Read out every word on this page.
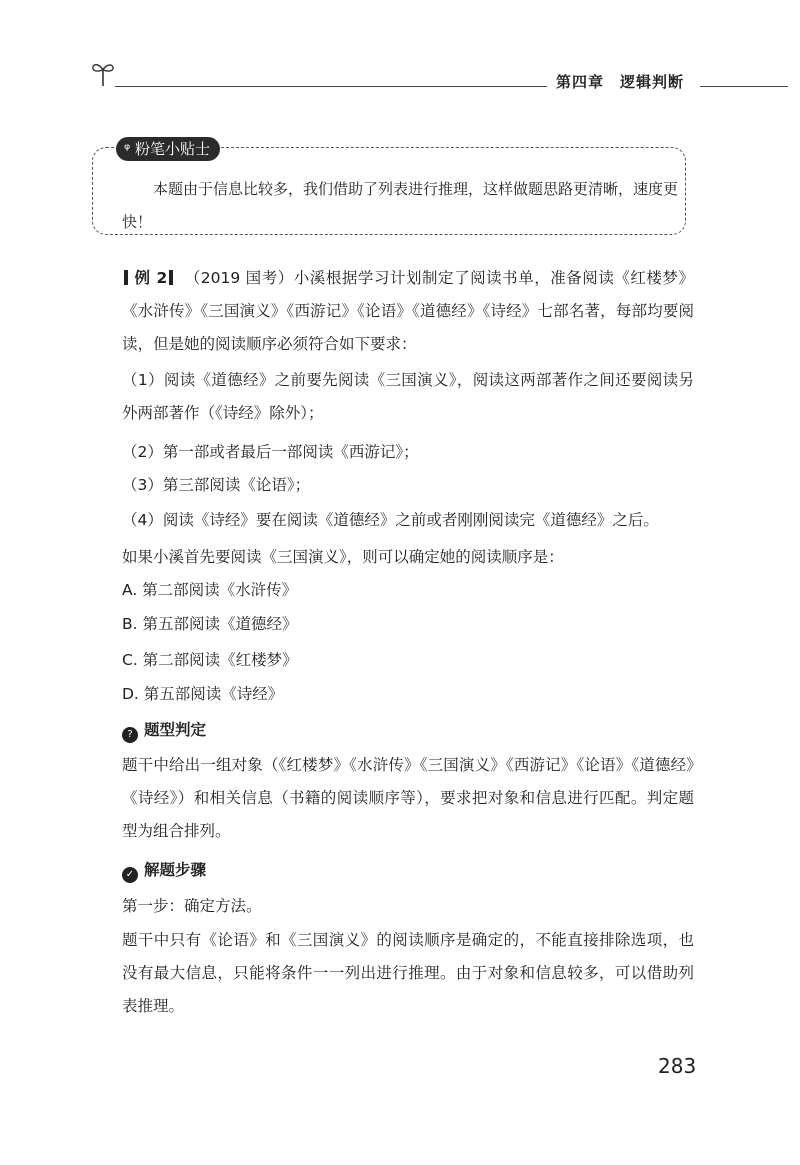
第四章　逻辑判断
ᵠ 粉笔小贴士
本题由于信息比较多，我们借助了列表进行推理，这样做题思路更清晰，速度更快！
例 2 （2019 国考）小溪根据学习计划制定了阅读书单，准备阅读《红楼梦》《水浒传》《三国演义》《西游记》《论语》《道德经》《诗经》七部名著，每部均要阅读，但是她的阅读顺序必须符合如下要求：
（1）阅读《道德经》之前要先阅读《三国演义》，阅读这两部著作之间还要阅读另外两部著作（《诗经》除外）；
（2）第一部或者最后一部阅读《西游记》；
（3）第三部阅读《论语》；
（4）阅读《诗经》要在阅读《道德经》之前或者刚刚阅读完《道德经》之后。
如果小溪首先要阅读《三国演义》，则可以确定她的阅读顺序是：
A. 第二部阅读《水浒传》
B. 第五部阅读《道德经》
C. 第二部阅读《红楼梦》
D. 第五部阅读《诗经》
? 题型判定
题干中给出一组对象（《红楼梦》《水浒传》《三国演义》《西游记》《论语》《道德经》《诗经》）和相关信息（书籍的阅读顺序等），要求把对象和信息进行匹配。判定题型为组合排列。
✓ 解题步骤
第一步：确定方法。
题干中只有《论语》和《三国演义》的阅读顺序是确定的，不能直接排除选项，也没有最大信息，只能将条件一一列出进行推理。由于对象和信息较多，可以借助列表推理。
283
